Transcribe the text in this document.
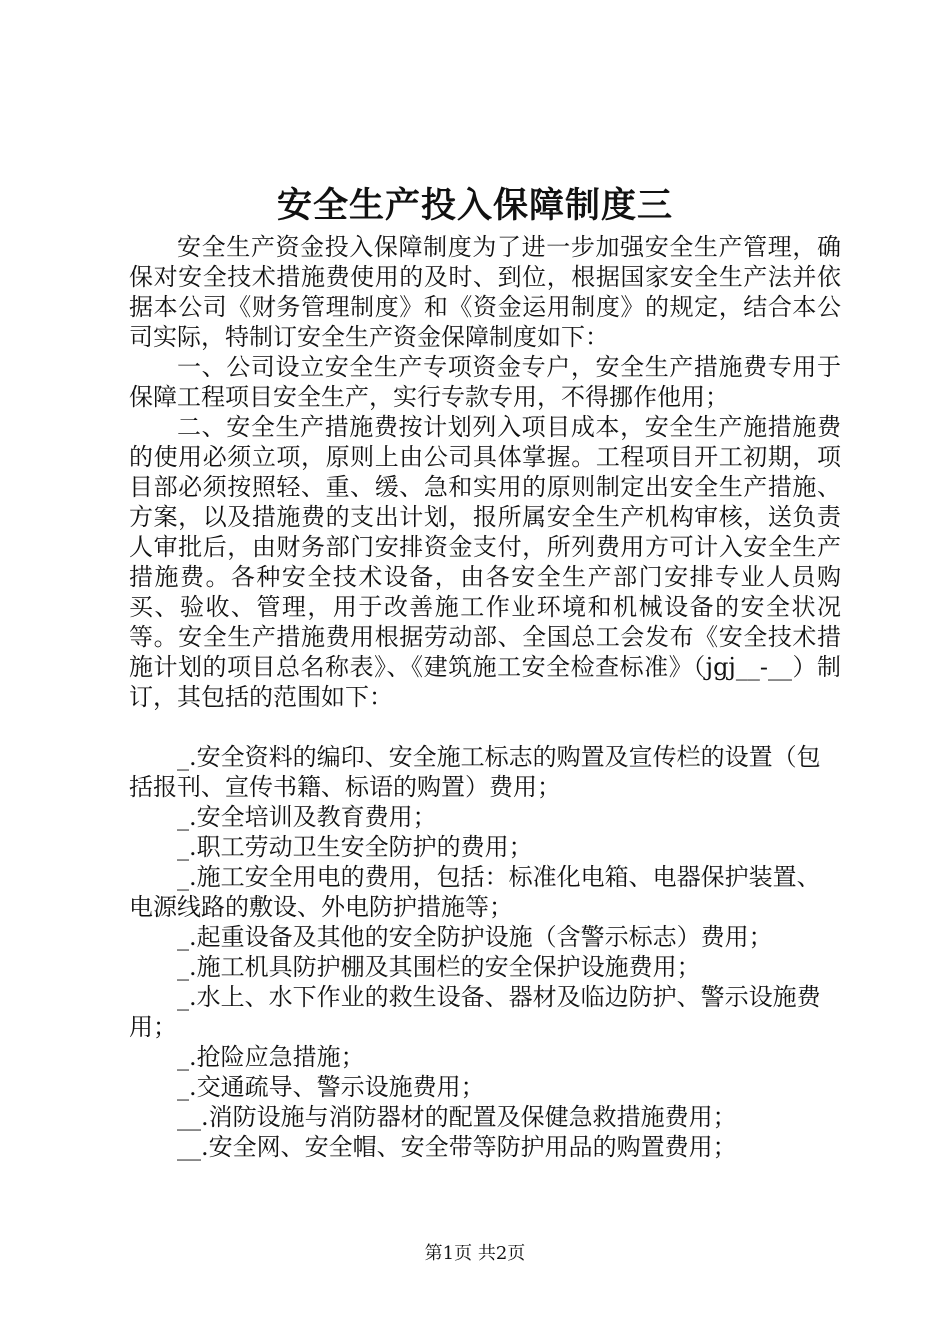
安全生产投入保障制度三

安全生产资金投入保障制度为了进一步加强安全生产管理，确保对安全技术措施费使用的及时、到位，根据国家安全生产法并依据本公司《财务管理制度》和《资金运用制度》的规定，结合本公司实际，特制订安全生产资金保障制度如下：

一、公司设立安全生产专项资金专户，安全生产措施费专用于保障工程项目安全生产，实行专款专用，不得挪作他用；

二、安全生产措施费按计划列入项目成本，安全生产施措施费的使用必须立项，原则上由公司具体掌握。工程项目开工初期，项目部必须按照轻、重、缓、急和实用的原则制定出安全生产措施、方案，以及措施费的支出计划，报所属安全生产机构审核，送负责人审批后，由财务部门安排资金支付，所列费用方可计入安全生产措施费。各种安全技术设备，由各安全生产部门安排专业人员购买、验收、管理，用于改善施工作业环境和机械设备的安全状况等。安全生产措施费用根据劳动部、全国总工会发布《安全技术措施计划的项目总名称表》、《建筑施工安全检查标准》（jgj__-__）制订，其包括的范围如下：

_.安全资料的编印、安全施工标志的购置及宣传栏的设置（包括报刊、宣传书籍、标语的购置）费用；

_.安全培训及教育费用；

_.职工劳动卫生安全防护的费用；

_.施工安全用电的费用，包括：标准化电箱、电器保护装置、电源线路的敷设、外电防护措施等；

_.起重设备及其他的安全防护设施（含警示标志）费用；

_.施工机具防护棚及其围栏的安全保护设施费用；

_.水上、水下作业的救生设备、器材及临边防护、警示设施费用；

_.抢险应急措施；

_.交通疏导、警示设施费用；

__.消防设施与消防器材的配置及保健急救措施费用；

__.安全网、安全帽、安全带等防护用品的购置费用；

第1页 共2页
